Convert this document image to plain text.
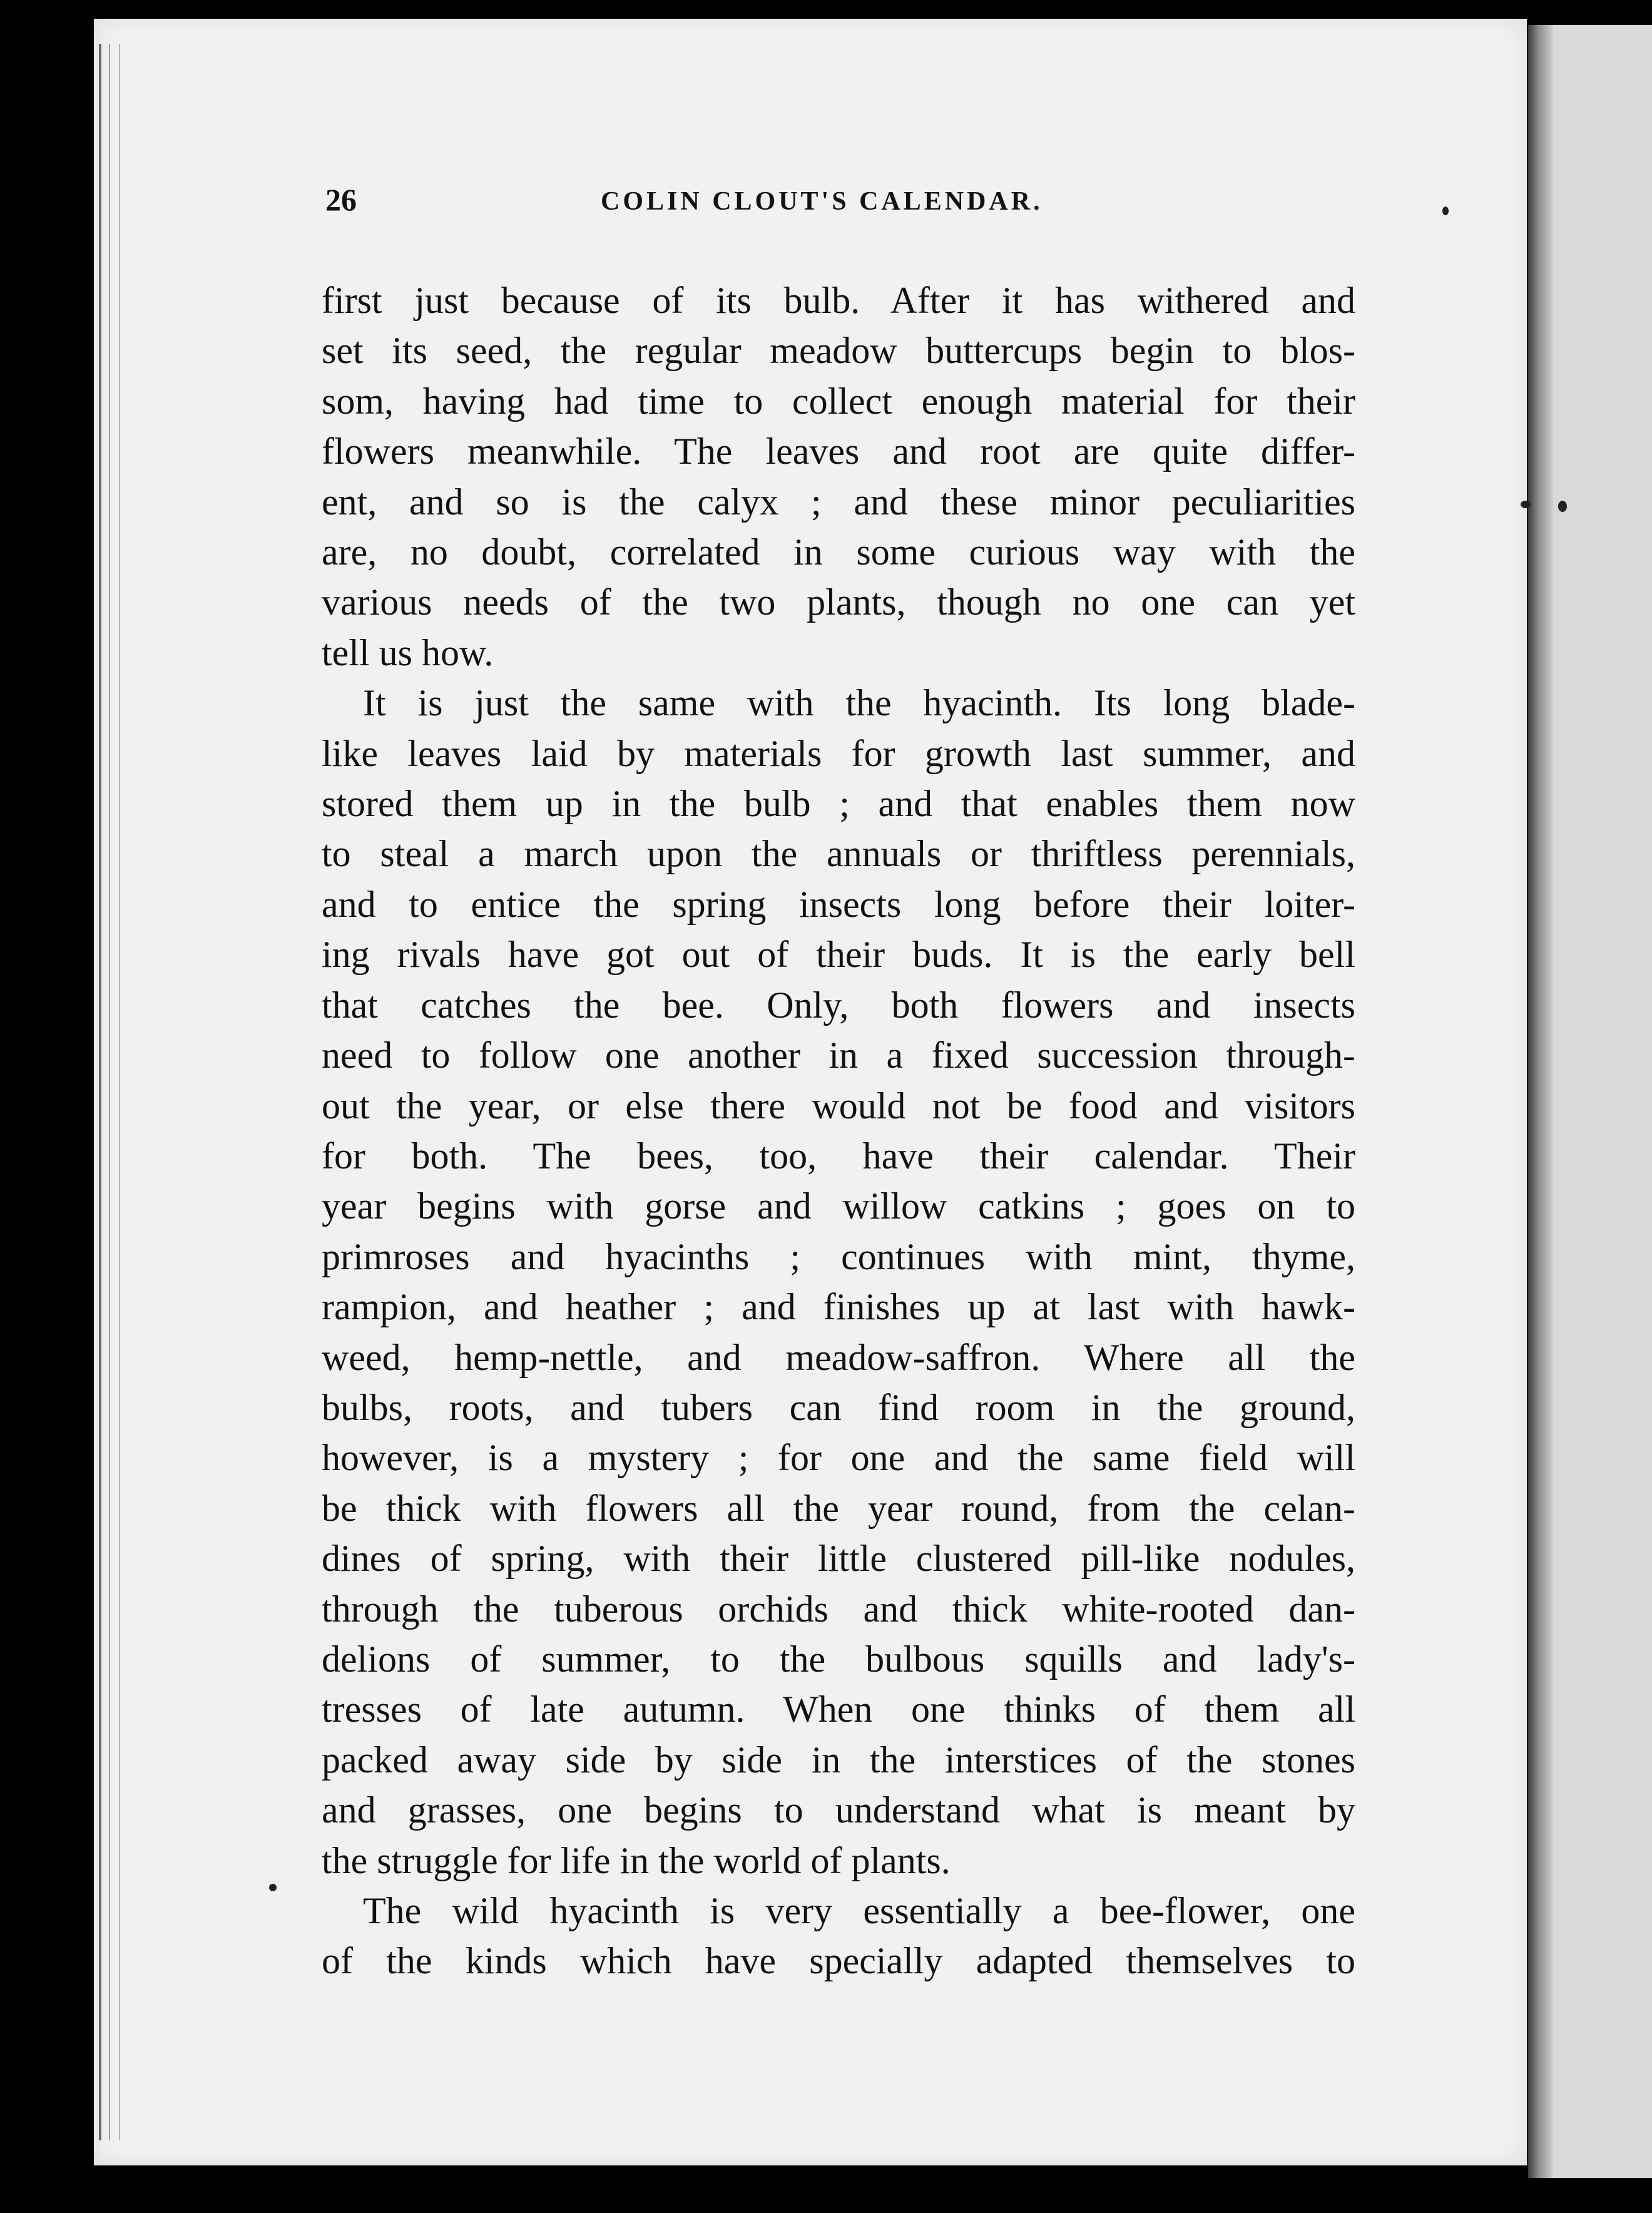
26	COLIN CLOUT'S CALENDAR.
first just because of its bulb. After it has withered and
set its seed, the regular meadow buttercups begin to blos-
som, having had time to collect enough material for their
flowers meanwhile. The leaves and root are quite differ-
ent, and so is the calyx ; and these minor peculiarities
are, no doubt, correlated in some curious way with the
various needs of the two plants, though no one can yet
tell us how.
It is just the same with the hyacinth. Its long blade-
like leaves laid by materials for growth last summer, and
stored them up in the bulb ; and that enables them now
to steal a march upon the annuals or thriftless perennials,
and to entice the spring insects long before their loiter-
ing rivals have got out of their buds. It is the early bell
that catches the bee. Only, both flowers and insects
need to follow one another in a fixed succession through-
out the year, or else there would not be food and visitors
for both. The bees, too, have their calendar. Their
year begins with gorse and willow catkins ; goes on to
primroses and hyacinths ; continues with mint, thyme,
rampion, and heather ; and finishes up at last with hawk-
weed, hemp-nettle, and meadow-saffron. Where all the
bulbs, roots, and tubers can find room in the ground,
however, is a mystery ; for one and the same field will
be thick with flowers all the year round, from the celan-
dines of spring, with their little clustered pill-like nodules,
through the tuberous orchids and thick white-rooted dan-
delions of summer, to the bulbous squills and lady's-
tresses of late autumn. When one thinks of them all
packed away side by side in the interstices of the stones
and grasses, one begins to understand what is meant by
the struggle for life in the world of plants.
The wild hyacinth is very essentially a bee-flower, one
of the kinds which have specially adapted themselves to
